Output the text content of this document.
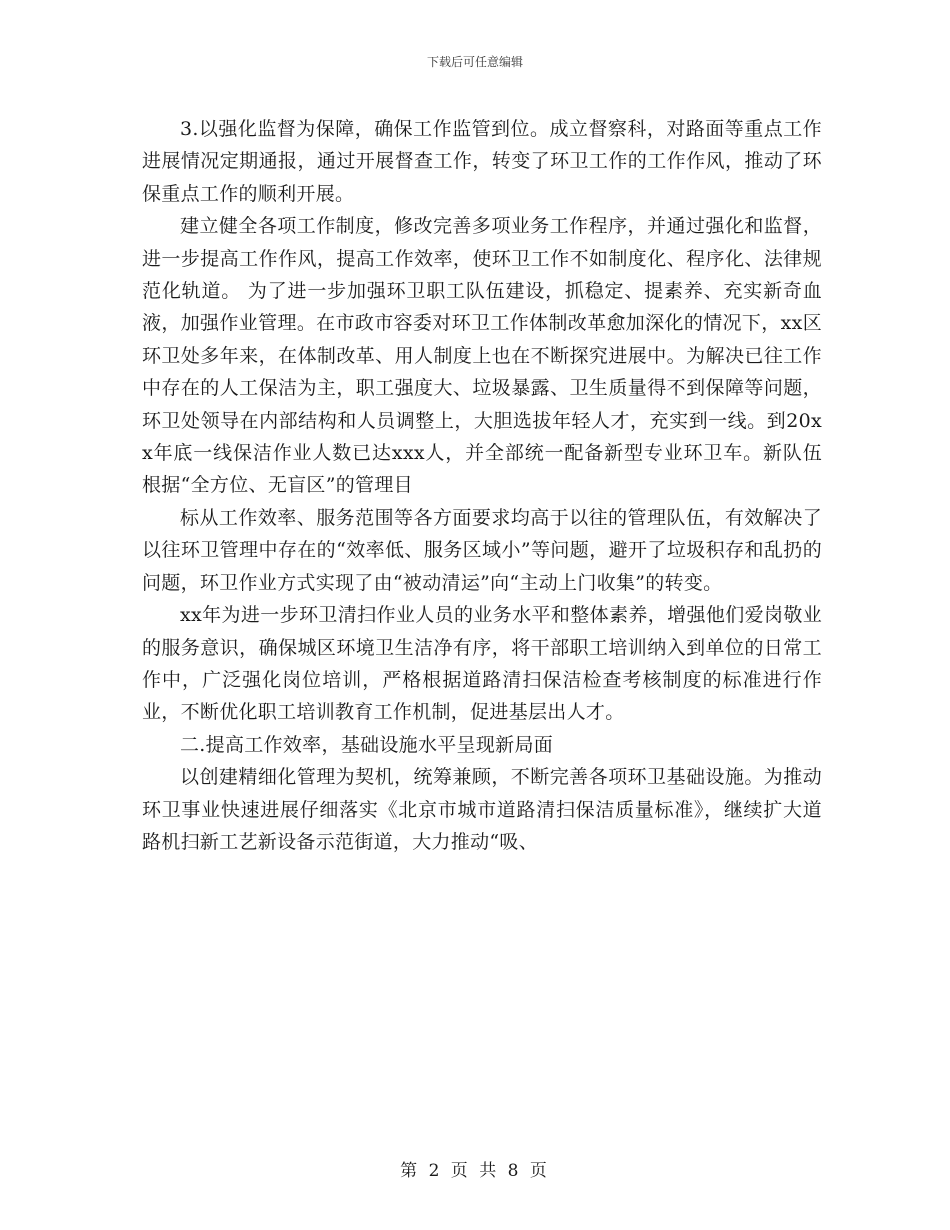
下载后可任意编辑

3.以强化监督为保障，确保工作监管到位。成立督察科，对路面等重点工作进展情况定期通报，通过开展督查工作，转变了环卫工作的工作作风，推动了环保重点工作的顺利开展。

建立健全各项工作制度，修改完善多项业务工作程序，并通过强化和监督，进一步提高工作作风，提高工作效率，使环卫工作不如制度化、程序化、法律规范化轨道。 为了进一步加强环卫职工队伍建设，抓稳定、提素养、充实新奇血液，加强作业管理。在市政市容委对环卫工作体制改革愈加深化的情况下，xx区环卫处多年来，在体制改革、用人制度上也在不断探究进展中。为解决已往工作中存在的人工保洁为主，职工强度大、垃圾暴露、卫生质量得不到保障等问题，环卫处领导在内部结构和人员调整上，大胆选拔年轻人才，充实到一线。到20xx年底一线保洁作业人数已达xxx人，并全部统一配备新型专业环卫车。新队伍根据“全方位、无盲区”的管理目

标从工作效率、服务范围等各方面要求均高于以往的管理队伍，有效解决了以往环卫管理中存在的“效率低、服务区域小”等问题，避开了垃圾积存和乱扔的问题，环卫作业方式实现了由“被动清运”向“主动上门收集”的转变。

xx年为进一步环卫清扫作业人员的业务水平和整体素养，增强他们爱岗敬业的服务意识，确保城区环境卫生洁净有序，将干部职工培训纳入到单位的日常工作中，广泛强化岗位培训，严格根据道路清扫保洁检查考核制度的标准进行作业，不断优化职工培训教育工作机制，促进基层出人才。

二.提高工作效率，基础设施水平呈现新局面

以创建精细化管理为契机，统筹兼顾，不断完善各项环卫基础设施。为推动环卫事业快速进展仔细落实《北京市城市道路清扫保洁质量标准》，继续扩大道路机扫新工艺新设备示范街道，大力推动“吸、

第 2 页 共 8 页
